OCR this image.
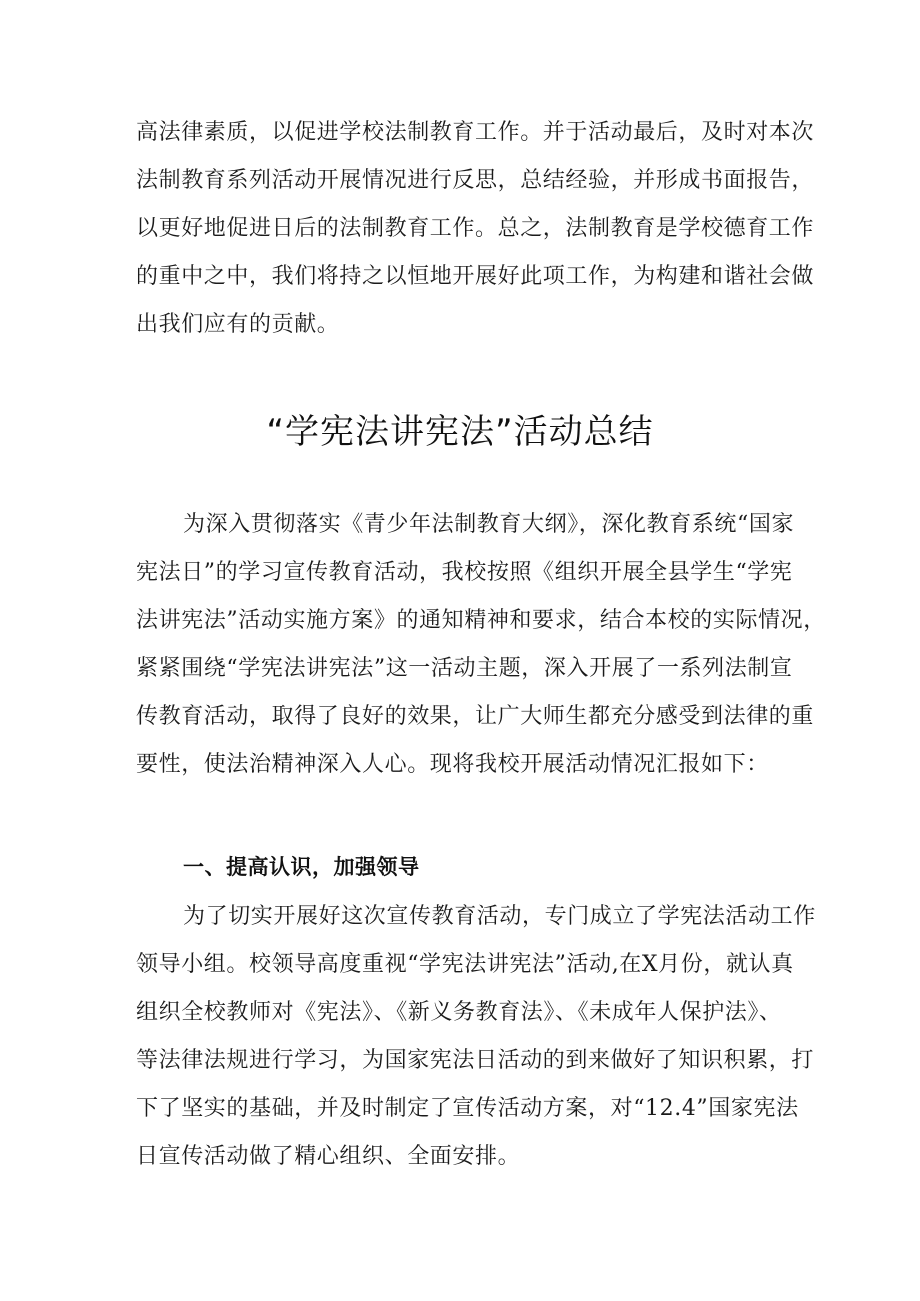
高法律素质，以促进学校法制教育工作。并于活动最后，及时对本次
法制教育系列活动开展情况进行反思，总结经验，并形成书面报告，
以更好地促进日后的法制教育工作。总之，法制教育是学校德育工作
的重中之中，我们将持之以恒地开展好此项工作，为构建和谐社会做
出我们应有的贡献。
“学宪法讲宪法”活动总结
为深入贯彻落实《青少年法制教育大纲》，深化教育系统“国家
宪法日”的学习宣传教育活动，我校按照《组织开展全县学生“学宪
法讲宪法”活动实施方案》的通知精神和要求，结合本校的实际情况，
紧紧围绕“学宪法讲宪法”这一活动主题，深入开展了一系列法制宣
传教育活动，取得了良好的效果，让广大师生都充分感受到法律的重
要性，使法治精神深入人心。现将我校开展活动情况汇报如下：
一、提高认识，加强领导
为了切实开展好这次宣传教育活动，专门成立了学宪法活动工作
领导小组。校领导高度重视“学宪法讲宪法”活动,在X月份，就认真
组织全校教师对《宪法》、《新义务教育法》、《未成年人保护法》、
等法律法规进行学习，为国家宪法日活动的到来做好了知识积累，打
下了坚实的基础，并及时制定了宣传活动方案，对“12.4”国家宪法
日宣传活动做了精心组织、全面安排。
